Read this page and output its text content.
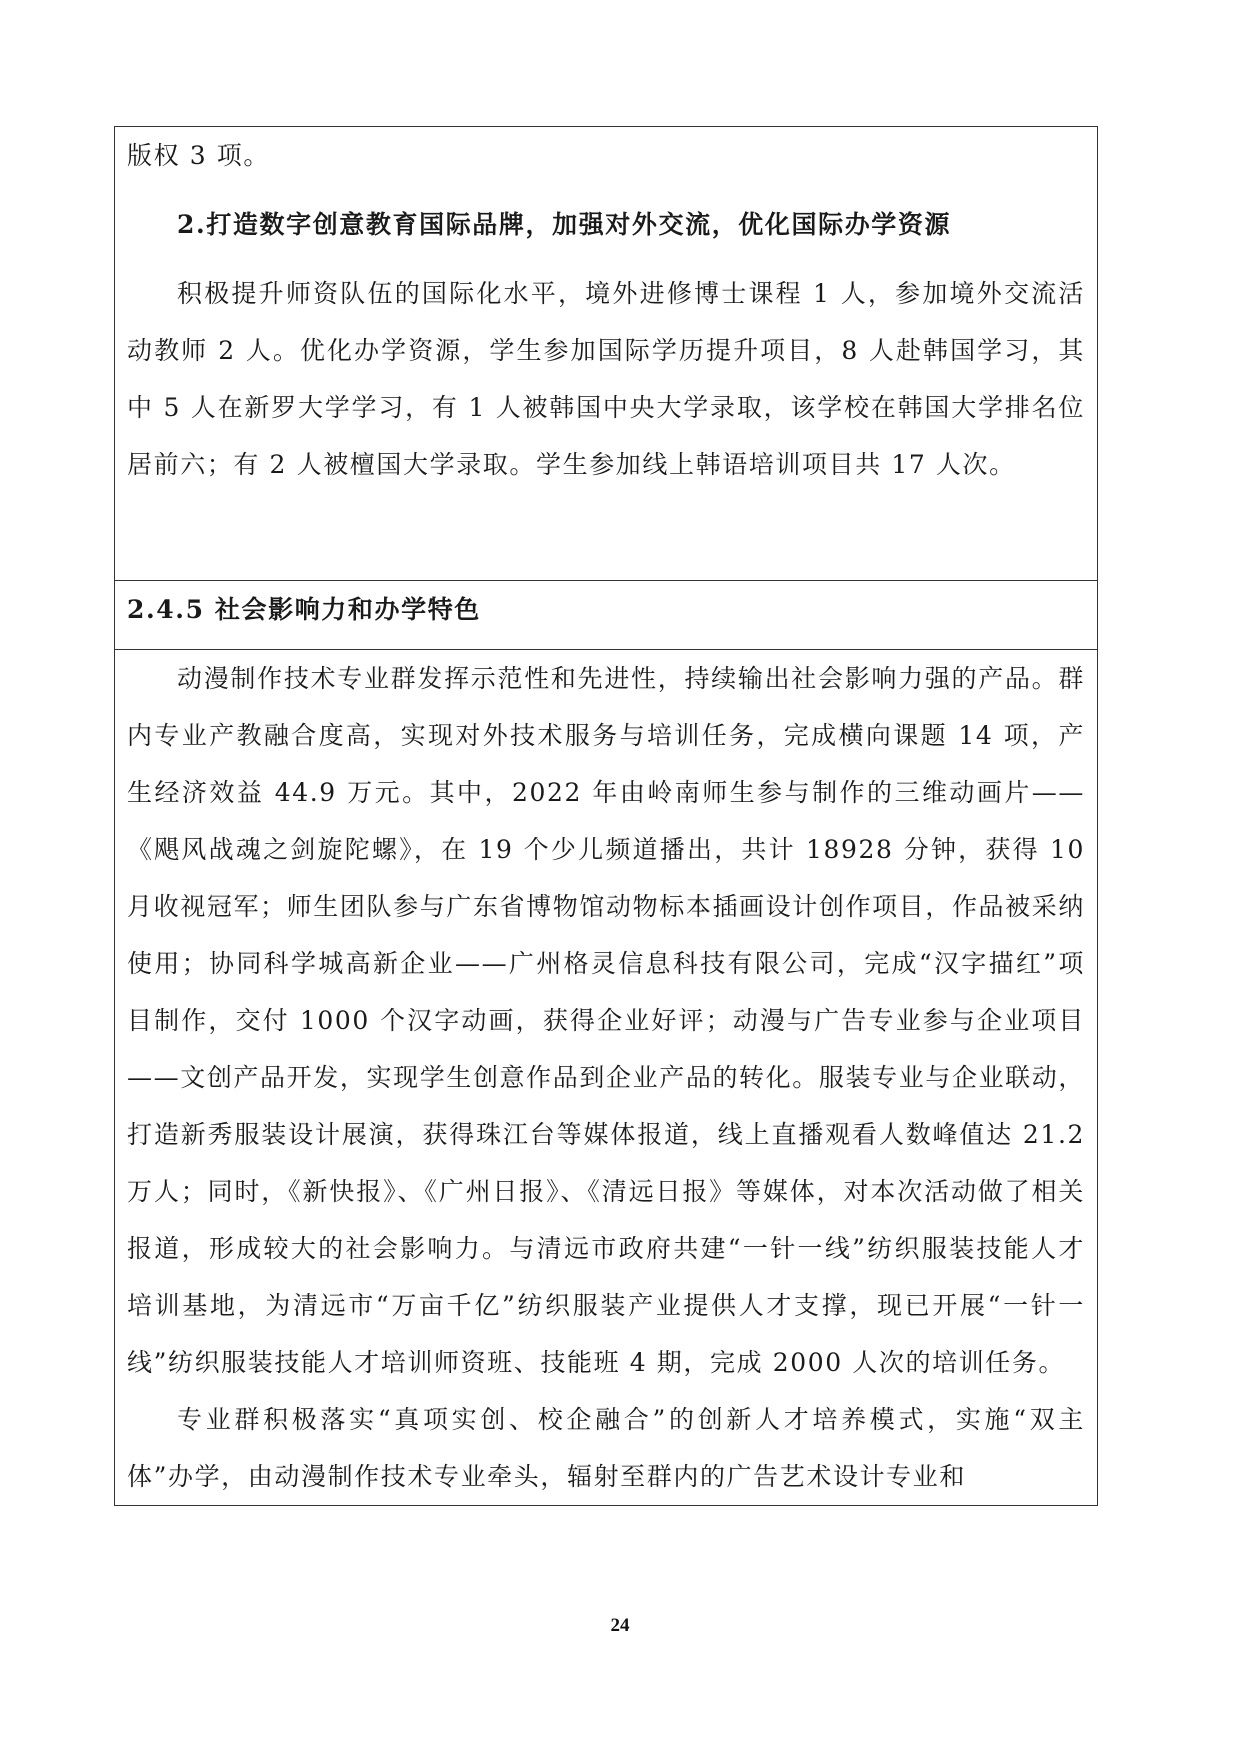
版权 3 项。

2.打造数字创意教育国际品牌，加强对外交流，优化国际办学资源

积极提升师资队伍的国际化水平，境外进修博士课程 1 人，参加境外交流活动教师 2 人。优化办学资源，学生参加国际学历提升项目，8 人赴韩国学习，其中 5 人在新罗大学学习，有 1 人被韩国中央大学录取，该学校在韩国大学排名位居前六；有 2 人被檀国大学录取。学生参加线上韩语培训项目共 17 人次。

2.4.5 社会影响力和办学特色

动漫制作技术专业群发挥示范性和先进性，持续输出社会影响力强的产品。群内专业产教融合度高，实现对外技术服务与培训任务，完成横向课题 14 项，产生经济效益 44.9 万元。其中，2022 年由岭南师生参与制作的三维动画片——《飓风战魂之剑旋陀螺》，在 19 个少儿频道播出，共计 18928 分钟，获得 10 月收视冠军；师生团队参与广东省博物馆动物标本插画设计创作项目，作品被采纳使用；协同科学城高新企业——广州格灵信息科技有限公司，完成“汉字描红”项目制作，交付 1000 个汉字动画，获得企业好评；动漫与广告专业参与企业项目——文创产品开发，实现学生创意作品到企业产品的转化。服装专业与企业联动，打造新秀服装设计展演，获得珠江台等媒体报道，线上直播观看人数峰值达 21.2 万人；同时，《新快报》、《广州日报》、《清远日报》等媒体，对本次活动做了相关报道，形成较大的社会影响力。与清远市政府共建“一针一线”纺织服装技能人才培训基地，为清远市“万亩千亿”纺织服装产业提供人才支撑，现已开展“一针一线”纺织服装技能人才培训师资班、技能班 4 期，完成 2000 人次的培训任务。

专业群积极落实“真项实创、校企融合”的创新人才培养模式，实施“双主体”办学，由动漫制作技术专业牵头，辐射至群内的广告艺术设计专业和

24
